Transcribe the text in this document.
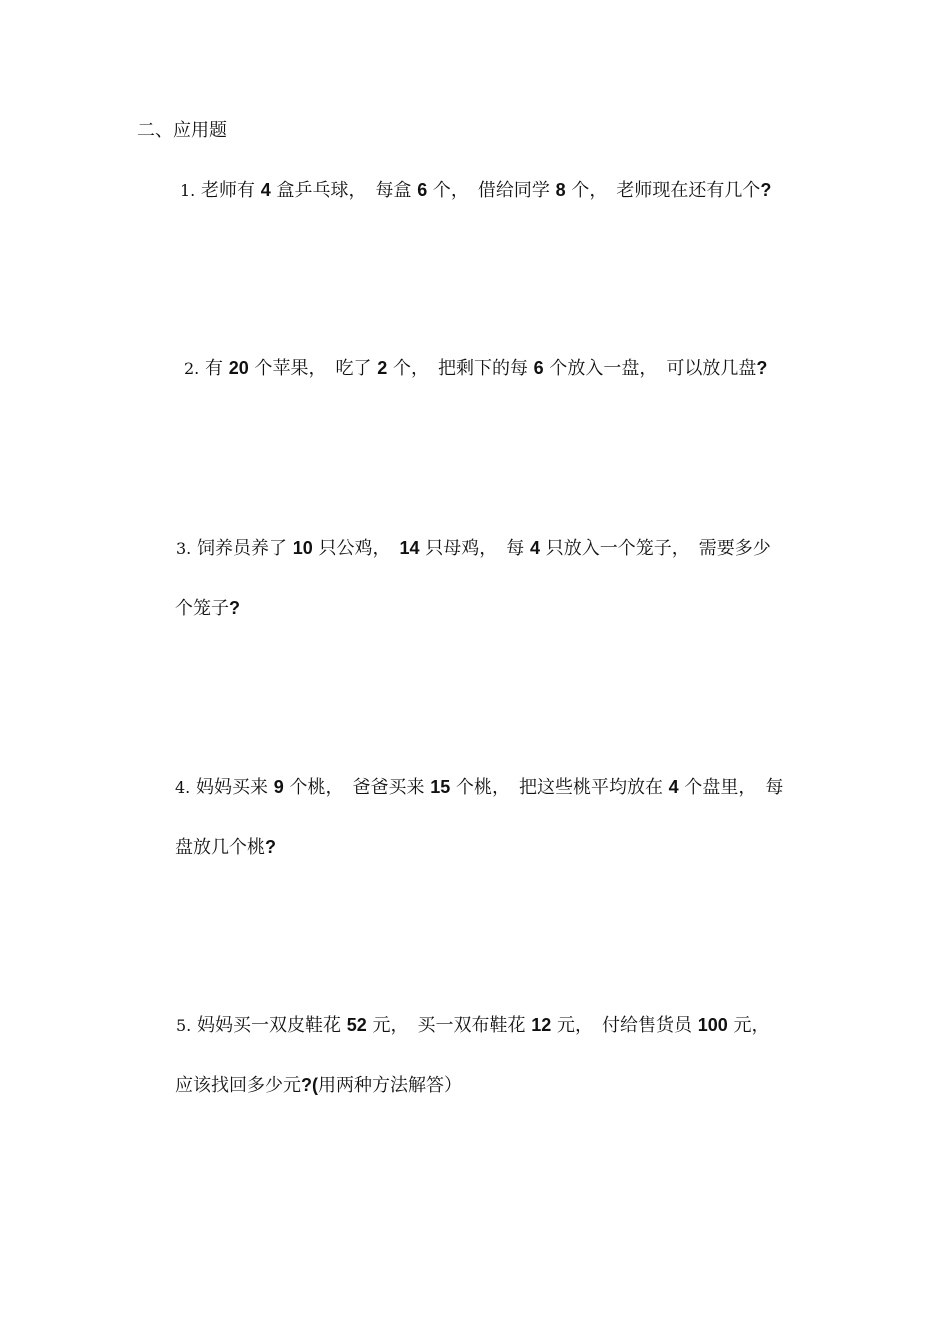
二、应用题
1. 老师有 4 盒乒乓球，　每盒 6 个，　借给同学 8 个，　老师现在还有几个?
2. 有 20 个苹果，　吃了 2 个，　把剩下的每 6 个放入一盘，　可以放几盘?
3. 饲养员养了 10 只公鸡，　14 只母鸡，　每 4 只放入一个笼子，　需要多少
个笼子?
4. 妈妈买来 9 个桃，　爸爸买来 15 个桃，　把这些桃平均放在 4 个盘里，　每
盘放几个桃?
5. 妈妈买一双皮鞋花 52 元，　买一双布鞋花 12 元，　付给售货员 100 元，
应该找回多少元?(用两种方法解答）
